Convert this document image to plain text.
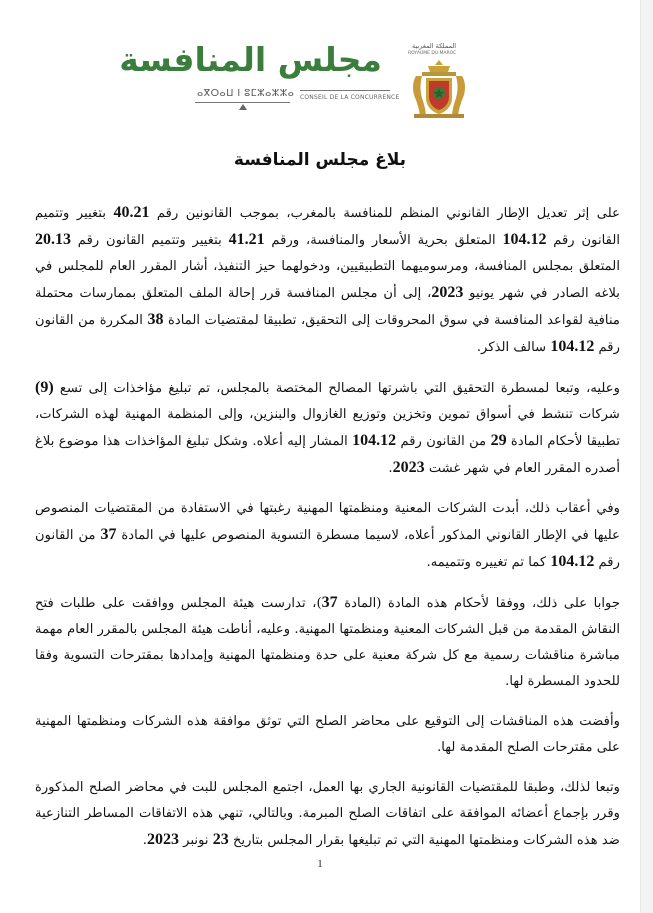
مجلس المنافسة
ⴰⴳⵔⴰⵡ ⵏ ⵓⵎⵣⴰⵣⵣⴰ CONSEIL DE LA CONCURRENCE
المملكة المغربية
ROYAUME DU MAROC
بلاغ مجلس المنافسة

على إثر تعديل الإطار القانوني المنظم للمنافسة بالمغرب، بموجب القانونين رقم 40.21 بتغيير وتتميم القانون رقم 104.12 المتعلق بحرية الأسعار والمنافسة، ورقم 41.21 بتغيير وتتميم القانون رقم 20.13 المتعلق بمجلس المنافسة، ومرسوميهما التطبيقيين، ودخولهما حيز التنفيذ، أشار المقرر العام للمجلس في بلاغه الصادر في شهر يونيو 2023، إلى أن مجلس المنافسة قرر إحالة الملف المتعلق بممارسات محتملة منافية لقواعد المنافسة في سوق المحروقات إلى التحقيق، تطبيقا لمقتضيات المادة 38 المكررة من القانون رقم 104.12 سالف الذكر.

وعليه، وتبعا لمسطرة التحقيق التي باشرتها المصالح المختصة بالمجلس، تم تبليغ مؤاخذات إلى تسع (9) شركات تنشط في أسواق تموين وتخزين وتوزيع الغازوال والبنزين، وإلى المنظمة المهنية لهذه الشركات، تطبيقا لأحكام المادة 29 من القانون رقم 104.12 المشار إليه أعلاه. وشكل تبليغ المؤاخذات هذا موضوع بلاغ أصدره المقرر العام في شهر غشت 2023.

وفي أعقاب ذلك، أبدت الشركات المعنية ومنظمتها المهنية رغبتها في الاستفادة من المقتضيات المنصوص عليها في الإطار القانوني المذكور أعلاه، لاسيما مسطرة التسوية المنصوص عليها في المادة 37 من القانون رقم 104.12 كما تم تغييره وتتميمه.

جوابا على ذلك، ووفقا لأحكام هذه المادة (المادة 37)، تدارست هيئة المجلس ووافقت على طلبات فتح النقاش المقدمة من قبل الشركات المعنية ومنظمتها المهنية. وعليه، أناطت هيئة المجلس بالمقرر العام مهمة مباشرة مناقشات رسمية مع كل شركة معنية على حدة ومنظمتها المهنية وإمدادها بمقترحات التسوية وفقا للحدود المسطرة لها.

وأفضت هذه المناقشات إلى التوقيع على محاضر الصلح التي توثق موافقة هذه الشركات ومنظمتها المهنية على مقترحات الصلح المقدمة لها.

وتبعا لذلك، وطبقا للمقتضيات القانونية الجاري بها العمل، اجتمع المجلس للبت في محاضر الصلح المذكورة وقرر بإجماع أعضائه الموافقة على اتفاقات الصلح المبرمة. وبالتالي، تنهي هذه الاتفاقات المساطر التنازعية ضد هذه الشركات ومنظمتها المهنية التي تم تبليغها بقرار المجلس بتاريخ 23 نونبر 2023.

1
